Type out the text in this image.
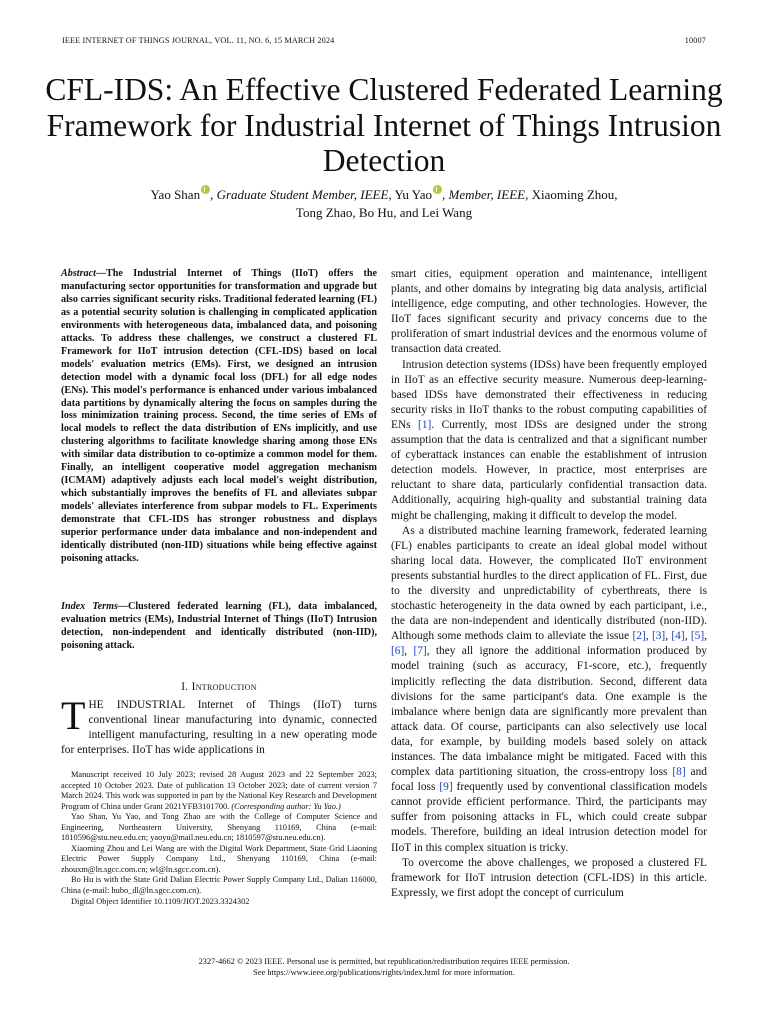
IEEE INTERNET OF THINGS JOURNAL, VOL. 11, NO. 6, 15 MARCH 2024	10007
CFL-IDS: An Effective Clustered Federated Learning Framework for Industrial Internet of Things Intrusion Detection
Yao Shan , Graduate Student Member, IEEE, Yu Yao , Member, IEEE, Xiaoming Zhou,
Tong Zhao, Bo Hu, and Lei Wang
Abstract—The Industrial Internet of Things (IIoT) offers the manufacturing sector opportunities for transformation and upgrade but also carries significant security risks. Traditional federated learning (FL) as a potential security solution is challenging in complicated application environments with heterogeneous data, imbalanced data, and poisoning attacks. To address these challenges, we construct a clustered FL Framework for IIoT intrusion detection (CFL-IDS) based on local models' evaluation metrics (EMs). First, we designed an intrusion detection model with a dynamic focal loss (DFL) for all edge nodes (ENs). This model's performance is enhanced under various imbalanced data partitions by dynamically altering the focus on samples during the loss minimization training process. Second, the time series of EMs of local models to reflect the data distribution of ENs implicitly, and use clustering algorithms to facilitate knowledge sharing among those ENs with similar data distribution to co-optimize a common model for them. Finally, an intelligent cooperative model aggregation mechanism (ICMAM) adaptively adjusts each local model's weight distribution, which substantially improves the benefits of FL and alleviates subpar models' alleviates interference from subpar models to FL. Experiments demonstrate that CFL-IDS has stronger robustness and displays superior performance under data imbalance and non-independent and identically distributed (non-IID) situations while being effective against poisoning attacks.
Index Terms—Clustered federated learning (FL), data imbalanced, evaluation metrics (EMs), Industrial Internet of Things (IIoT) Intrusion detection, non-independent and identically distributed (non-IID), poisoning attack.
I. Introduction
THE INDUSTRIAL Internet of Things (IIoT) turns conventional linear manufacturing into dynamic, connected intelligent manufacturing, resulting in a new operating mode for enterprises. IIoT has wide applications in

Manuscript received 10 July 2023; revised 28 August 2023 and 22 September 2023; accepted 10 October 2023. Date of publication 13 October 2023; date of current version 7 March 2024. This work was supported in part by the National Key Research and Development Program of China under Grant 2021YFB3101700. (Corresponding author: Yu Yao.)

Yao Shan, Yu Yao, and Tong Zhao are with the College of Computer Science and Engineering, Northeastern University, Shenyang 110169, China (e-mail: 1810596@stu.neu.edu.cn; yaoyu@mail.neu.edu.cn; 1810597@stu.neu.edu.cn).

Xiaoming Zhou and Lei Wang are with the Digital Work Department, State Grid Liaoning Electric Power Supply Company Ltd., Shenyang 110169, China (e-mail: zhouxm@ln.sgcc.com.cn; wl@ln.sgcc.com.cn).

Bo Hu is with the State Grid Dalian Electric Power Supply Company Ltd., Dalian 116000, China (e-mail: hubo_dl@ln.sgcc.com.cn).

Digital Object Identifier 10.1109/JIOT.2023.3324302

smart cities, equipment operation and maintenance, intelligent plants, and other domains by integrating big data analysis, artificial intelligence, edge computing, and other technologies. However, the IIoT faces significant security and privacy concerns due to the proliferation of smart industrial devices and the enormous volume of transaction data created.

Intrusion detection systems (IDSs) have been frequently employed in IIoT as an effective security measure. Numerous deep-learning-based IDSs have demonstrated their effectiveness in reducing security risks in IIoT thanks to the robust computing capabilities of ENs [1]. Currently, most IDSs are designed under the strong assumption that the data is centralized and that a significant number of cyberattack instances can enable the establishment of intrusion detection models. However, in practice, most enterprises are reluctant to share data, particularly confidential transaction data. Additionally, acquiring high-quality and substantial training data might be challenging, making it difficult to develop the model.

As a distributed machine learning framework, federated learning (FL) enables participants to create an ideal global model without sharing local data. However, the complicated IIoT environment presents substantial hurdles to the direct application of FL. First, due to the diversity and unpredictability of cyberthreats, there is stochastic heterogeneity in the data owned by each participant, i.e., the data are non-independent and identically distributed (non-IID). Although some methods claim to alleviate the issue [2], [3], [4], [5], [6], [7], they all ignore the additional information produced by model training (such as accuracy, F1-score, etc.), frequently implicitly reflecting the data distribution. Second, different data divisions for the same participant's data. One example is the imbalance where benign data are significantly more prevalent than attack data. Of course, participants can also selectively use local data, for example, by building models based solely on attack instances. The data imbalance might be mitigated. Faced with this complex data partitioning situation, the cross-entropy loss [8] and focal loss [9] frequently used by conventional classification models cannot provide efficient performance. Third, the participants may suffer from poisoning attacks in FL, which could create subpar models. Therefore, building an ideal intrusion detection model for IIoT in this complex situation is tricky.

To overcome the above challenges, we proposed a clustered FL framework for IIoT intrusion detection (CFL-IDS) in this article. Expressly, we first adopt the concept of curriculum

2327-4662 © 2023 IEEE. Personal use is permitted, but republication/redistribution requires IEEE permission.
See https://www.ieee.org/publications/rights/index.html for more information.
